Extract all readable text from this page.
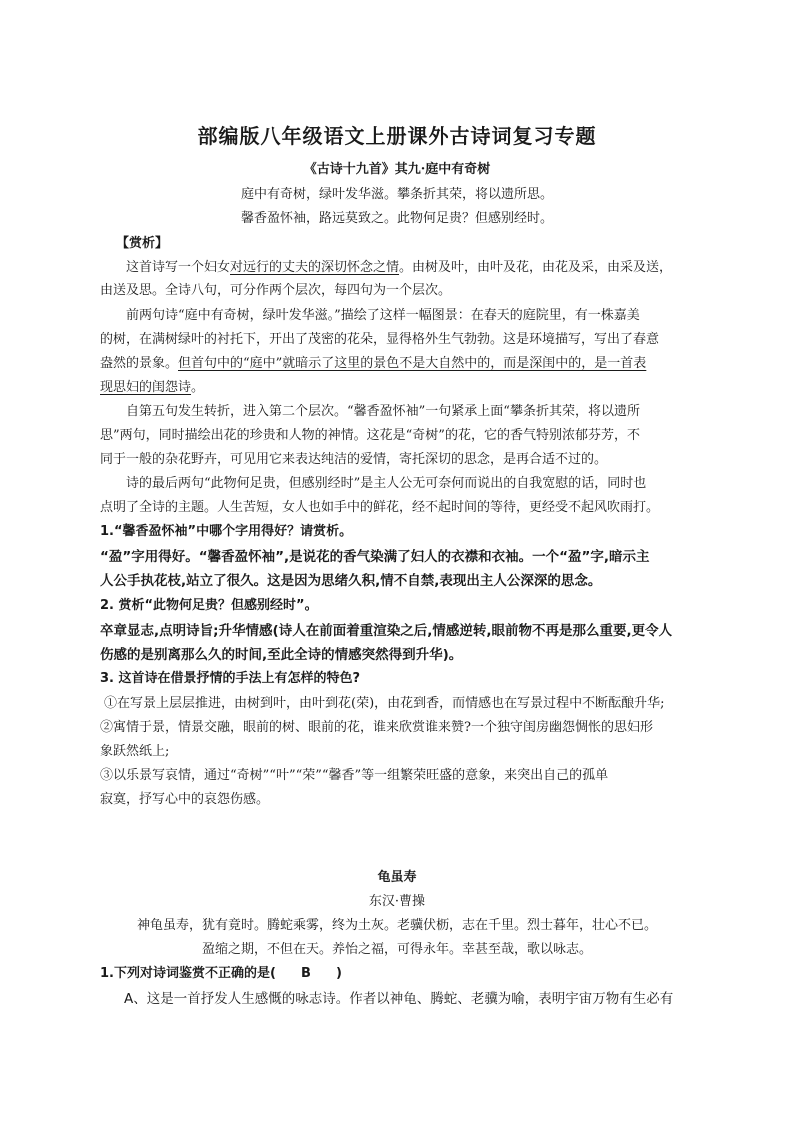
部编版八年级语文上册课外古诗词复习专题
《古诗十九首》其九·庭中有奇树
庭中有奇树，绿叶发华滋。攀条折其荣，将以遗所思。
馨香盈怀袖，路远莫致之。此物何足贵？但感别经时。
【赏析】
这首诗写一个妇女对远行的丈夫的深切怀念之情。由树及叶，由叶及花，由花及采，由采及送，
由送及思。全诗八句，可分作两个层次，每四句为一个层次。
前两句诗“庭中有奇树，绿叶发华滋。”描绘了这样一幅图景：在春天的庭院里，有一株嘉美
的树，在满树绿叶的衬托下，开出了茂密的花朵，显得格外生气勃勃。这是环境描写，写出了春意
盎然的景象。但首句中的“庭中”就暗示了这里的景色不是大自然中的，而是深闺中的，是一首表
现思妇的闺怨诗。
自第五句发生转折，进入第二个层次。“馨香盈怀袖”一句紧承上面“攀条折其荣，将以遗所
思”两句，同时描绘出花的珍贵和人物的神情。这花是“奇树”的花，它的香气特别浓郁芬芳，不
同于一般的杂花野卉，可见用它来表达纯洁的爱情，寄托深切的思念，是再合适不过的。
诗的最后两句“此物何足贵，但感别经时”是主人公无可奈何而说出的自我宽慰的话，同时也
点明了全诗的主题。人生苦短，女人也如手中的鲜花，经不起时间的等待，更经受不起风吹雨打。
1.“馨香盈怀袖”中哪个字用得好？请赏析。
“盈”字用得好。“馨香盈怀袖”,是说花的香气染满了妇人的衣襟和衣袖。一个“盈”字,暗示主
人公手执花枝,站立了很久。这是因为思绪久积,情不自禁,表现出主人公深深的思念。
2. 赏析“此物何足贵？但感别经时”。
卒章显志,点明诗旨;升华情感(诗人在前面着重渲染之后,情感逆转,眼前物不再是那么重要,更令人
伤感的是别离那么久的时间,至此全诗的情感突然得到升华)。
3. 这首诗在借景抒情的手法上有怎样的特色?
①在写景上层层推进，由树到叶，由叶到花(荣)，由花到香，而情感也在写景过程中不断酝酿升华;
②寓情于景，情景交融，眼前的树、眼前的花，谁来欣赏谁来赞?一个独守闺房幽怨惆怅的思妇形
象跃然纸上;
③以乐景写哀情，通过“奇树”“叶”“荣”“馨香”等一组繁荣旺盛的意象，来突出自己的孤单
寂寞，抒写心中的哀怨伤感。
龟虽寿
东汉·曹操
神龟虽寿，犹有竟时。腾蛇乘雾，终为土灰。老骥伏枥，志在千里。烈士暮年，壮心不已。
盈缩之期，不但在天。养怡之福，可得永年。幸甚至哉，歌以咏志。
1.下列对诗词鉴赏不正确的是( B )
A、这是一首抒发人生感慨的咏志诗。作者以神龟、腾蛇、老骥为喻，表明宇宙万物有生必有
